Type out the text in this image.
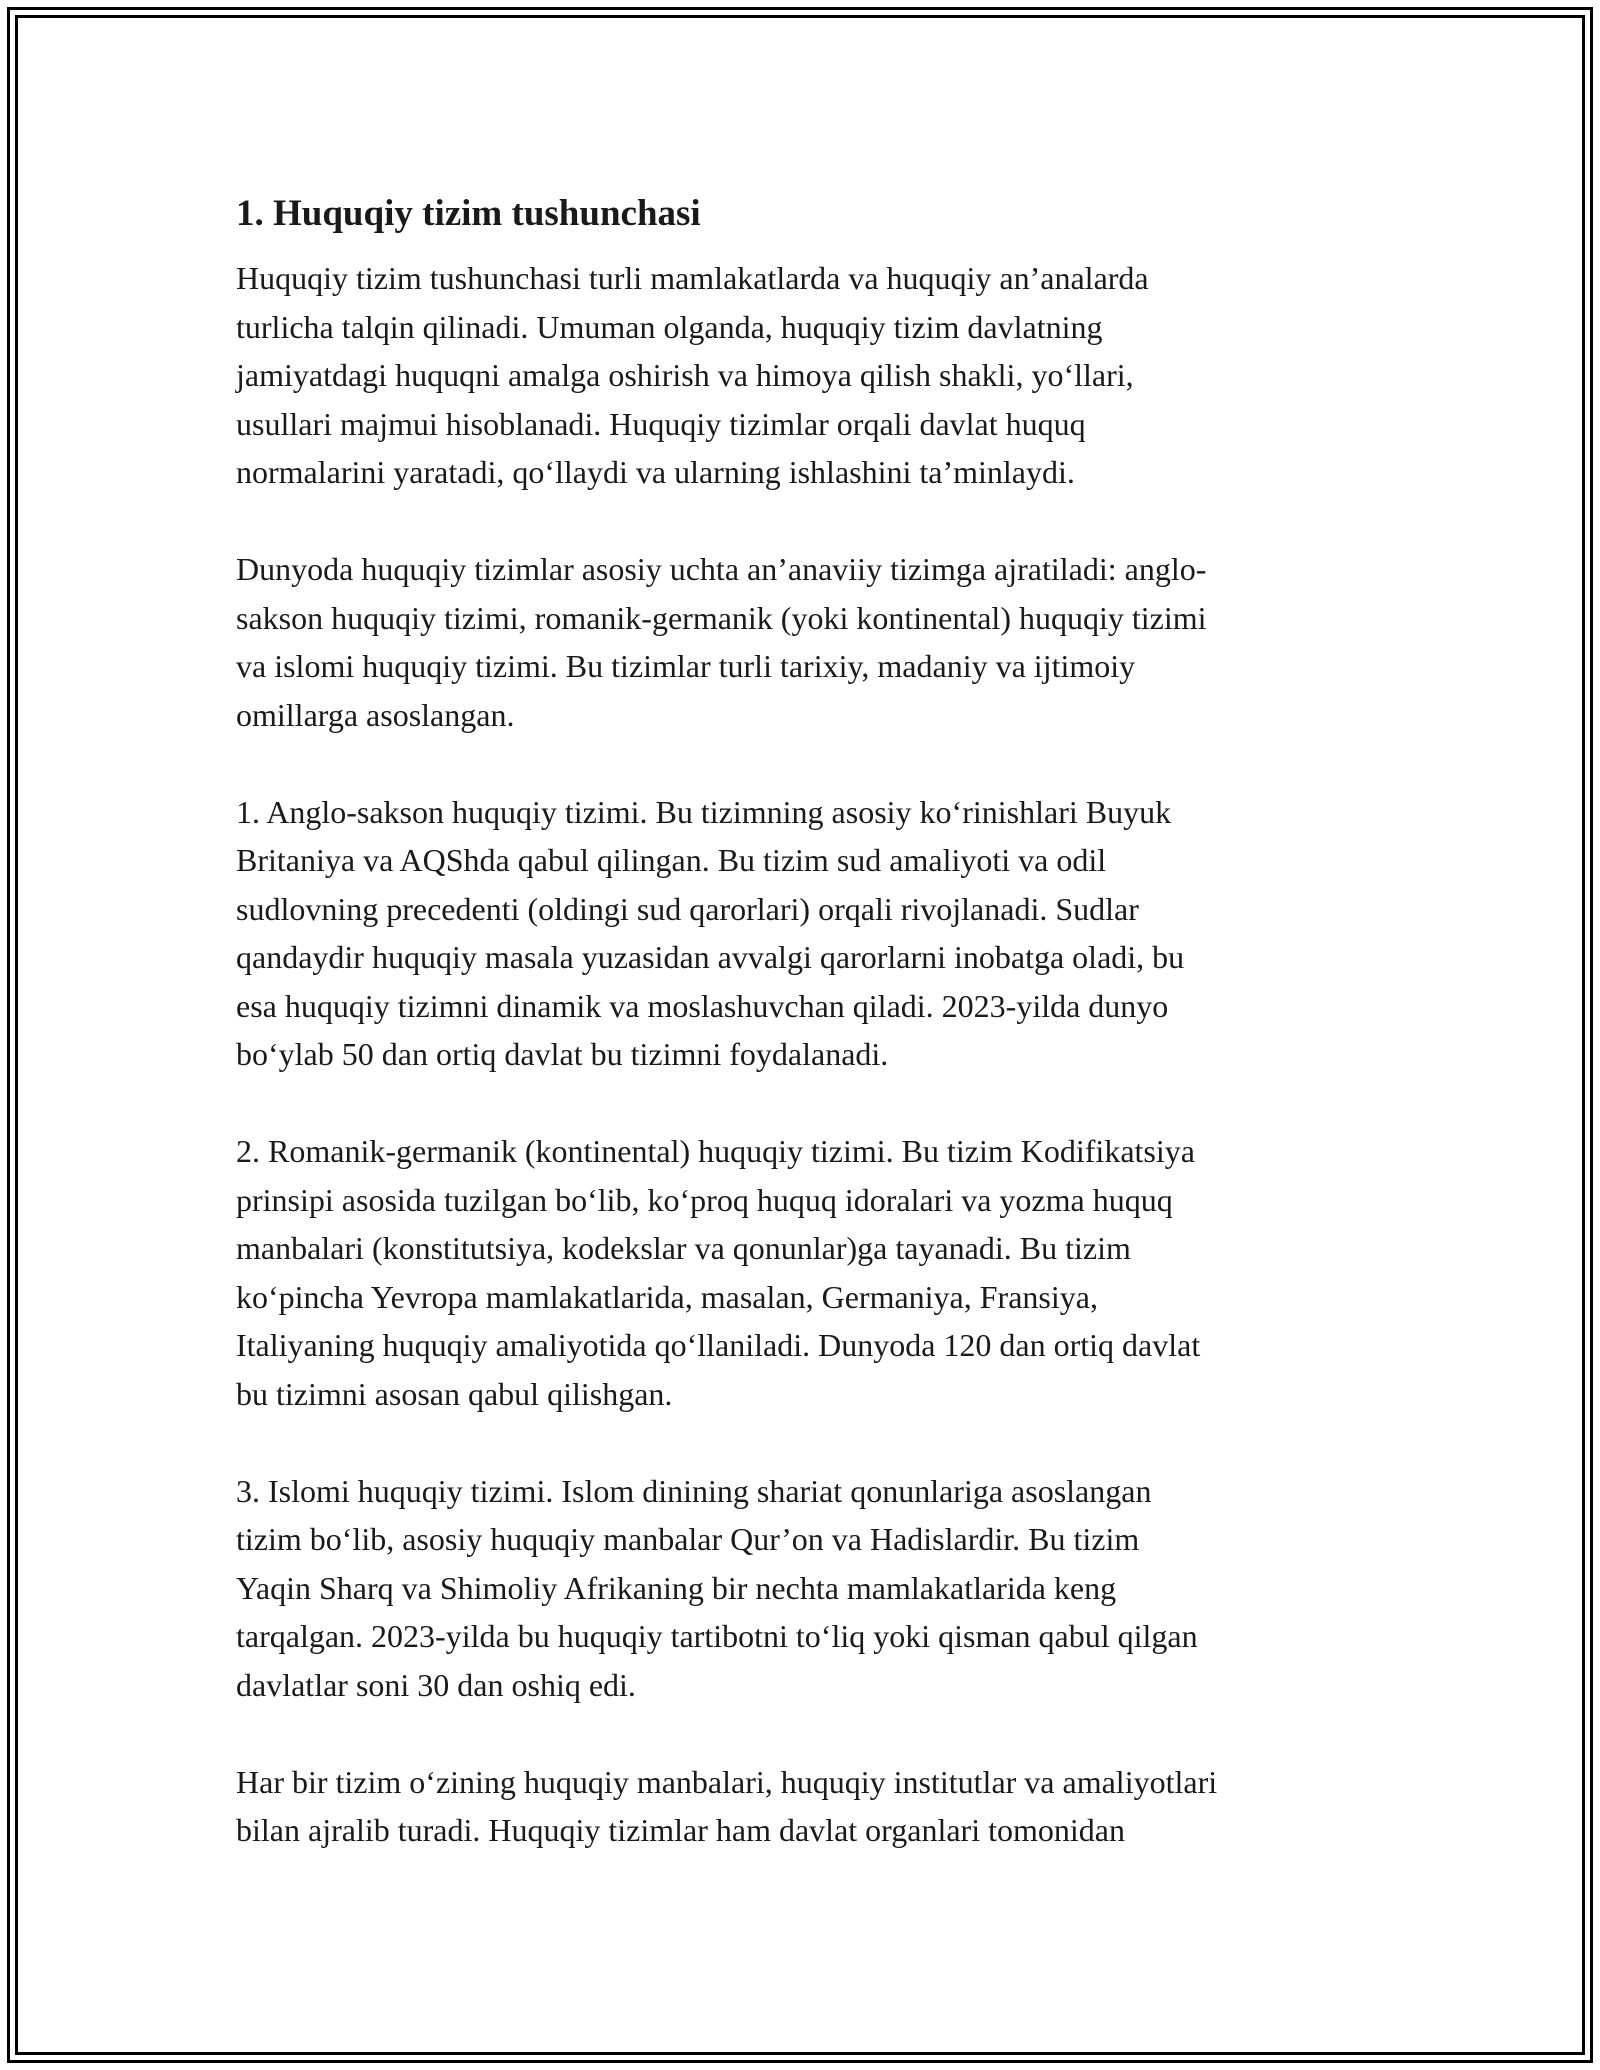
1. Huquqiy tizim tushunchasi

Huquqiy tizim tushunchasi turli mamlakatlarda va huquqiy an’analarda
turlicha talqin qilinadi. Umuman olganda, huquqiy tizim davlatning
jamiyatdagi huquqni amalga oshirish va himoya qilish shakli, yo‘llari,
usullari majmui hisoblanadi. Huquqiy tizimlar orqali davlat huquq
normalarini yaratadi, qo‘llaydi va ularning ishlashini ta’minlaydi.

Dunyoda huquqiy tizimlar asosiy uchta an’anaviiy tizimga ajratiladi: anglo-
sakson huquqiy tizimi, romanik-germanik (yoki kontinental) huquqiy tizimi
va islomi huquqiy tizimi. Bu tizimlar turli tarixiy, madaniy va ijtimoiy
omillarga asoslangan.

1. Anglo-sakson huquqiy tizimi. Bu tizimning asosiy ko‘rinishlari Buyuk
Britaniya va AQShda qabul qilingan. Bu tizim sud amaliyoti va odil
sudlovning precedenti (oldingi sud qarorlari) orqali rivojlanadi. Sudlar
qandaydir huquqiy masala yuzasidan avvalgi qarorlarni inobatga oladi, bu
esa huquqiy tizimni dinamik va moslashuvchan qiladi. 2023-yilda dunyo
bo‘ylab 50 dan ortiq davlat bu tizimni foydalanadi.

2. Romanik-germanik (kontinental) huquqiy tizimi. Bu tizim Kodifikatsiya
prinsipi asosida tuzilgan bo‘lib, ko‘proq huquq idoralari va yozma huquq
manbalari (konstitutsiya, kodekslar va qonunlar)ga tayanadi. Bu tizim
ko‘pincha Yevropa mamlakatlarida, masalan, Germaniya, Fransiya,
Italiyaning huquqiy amaliyotida qo‘llaniladi. Dunyoda 120 dan ortiq davlat
bu tizimni asosan qabul qilishgan.

3. Islomi huquqiy tizimi. Islom dinining shariat qonunlariga asoslangan
tizim bo‘lib, asosiy huquqiy manbalar Qur’on va Hadislardir. Bu tizim
Yaqin Sharq va Shimoliy Afrikaning bir nechta mamlakatlarida keng
tarqalgan. 2023-yilda bu huquqiy tartibotni to‘liq yoki qisman qabul qilgan
davlatlar soni 30 dan oshiq edi.

Har bir tizim o‘zining huquqiy manbalari, huquqiy institutlar va amaliyotlari
bilan ajralib turadi. Huquqiy tizimlar ham davlat organlari tomonidan
